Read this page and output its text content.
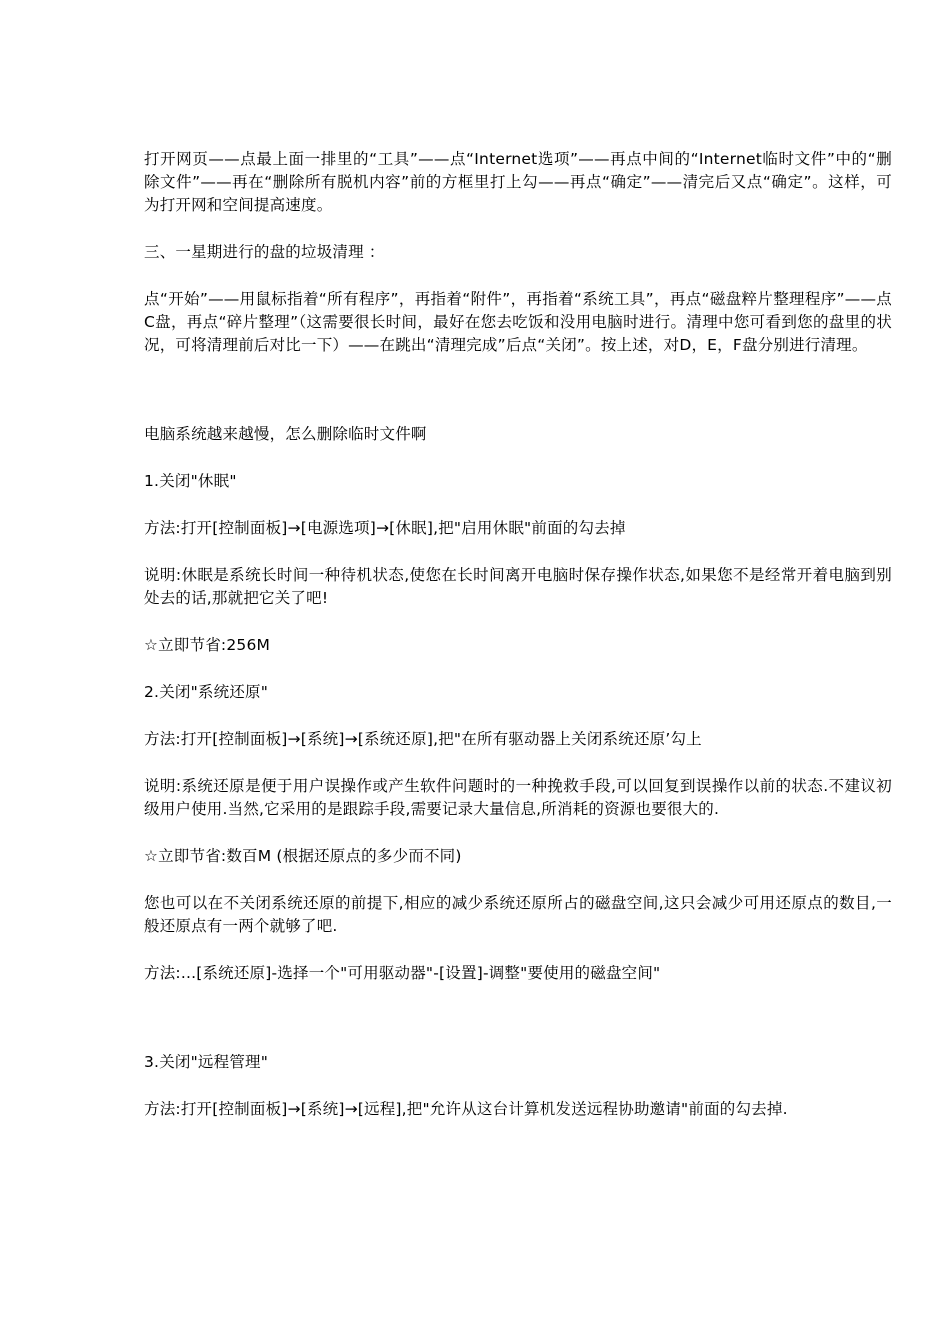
打开网页——点最上面一排里的“工具”——点“Internet选项”——再点中间的“Internet临时文件”中的“删除文件”——再在“删除所有脱机内容”前的方框里打上勾——再点“确定”——清完后又点“确定”。这样，可为打开网和空间提高速度。

三、一星期进行的盘的垃圾清理 ：

点“开始”——用鼠标指着“所有程序”，再指着“附件”，再指着“系统工具”，再点“磁盘粹片整理程序”——点C盘，再点“碎片整理”（这需要很长时间，最好在您去吃饭和没用电脑时进行。清理中您可看到您的盘里的状况，可将清理前后对比一下）——在跳出“清理完成”后点“关闭”。按上述，对D，E，F盘分别进行清理。

电脑系统越来越慢，怎么删除临时文件啊

1.关闭"休眠"

方法:打开[控制面板]→[电源选项]→[休眠],把"启用休眠"前面的勾去掉

说明:休眠是系统长时间一种待机状态,使您在长时间离开电脑时保存操作状态,如果您不是经常开着电脑到别处去的话,那就把它关了吧!

☆立即节省:256M

2.关闭"系统还原"

方法:打开[控制面板]→[系统]→[系统还原],把"在所有驱动器上关闭系统还原’勾上

说明:系统还原是便于用户误操作或产生软件问题时的一种挽救手段,可以回复到误操作以前的状态.不建议初级用户使用.当然,它采用的是跟踪手段,需要记录大量信息,所消耗的资源也要很大的.

☆立即节省:数百M (根据还原点的多少而不同)

您也可以在不关闭系统还原的前提下,相应的减少系统还原所占的磁盘空间,这只会减少可用还原点的数目,一般还原点有一两个就够了吧.

方法:...[系统还原]-选择一个"可用驱动器"-[设置]-调整"要使用的磁盘空间"

3.关闭"远程管理"

方法:打开[控制面板]→[系统]→[远程],把"允许从这台计算机发送远程协助邀请"前面的勾去掉.
